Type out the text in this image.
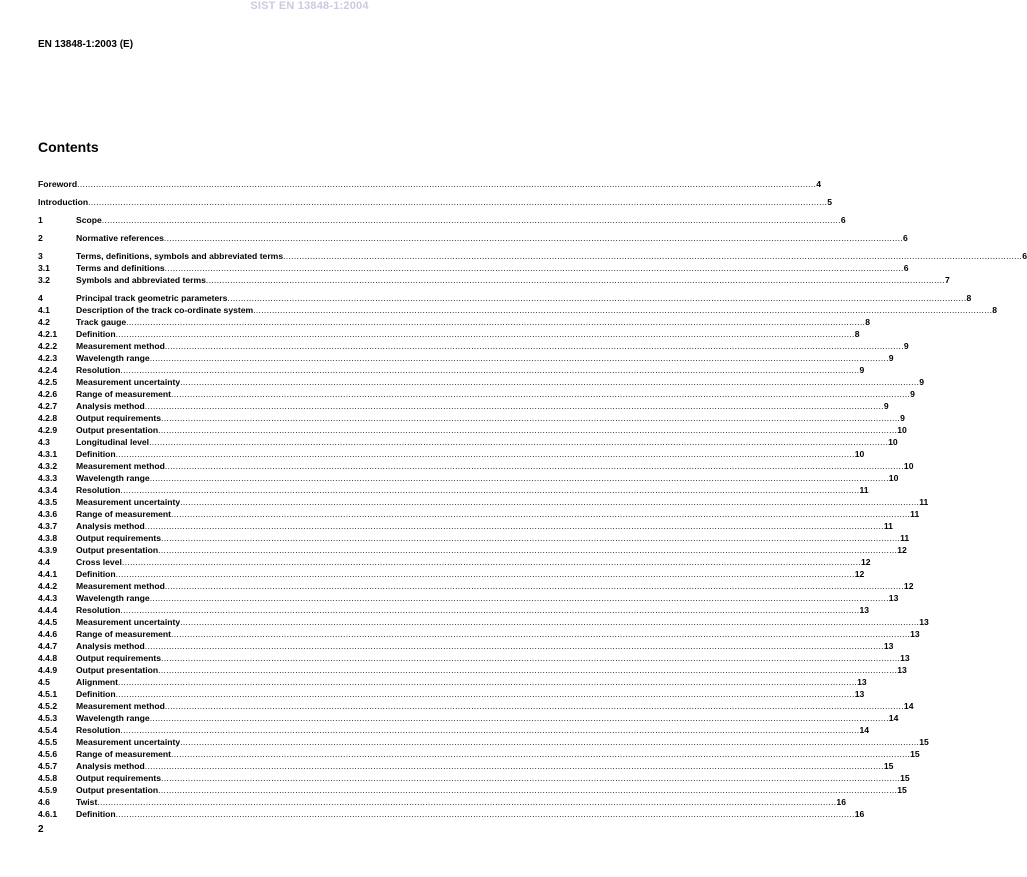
SIST EN 13848-1:2004
EN 13848-1:2003 (E)
Contents
Foreword .....	4
Introduction .....	5
1	Scope .....	6
2	Normative references .....	6
3	Terms, definitions, symbols and abbreviated terms .....	6
3.1	Terms and definitions .....	6
3.2	Symbols and abbreviated terms .....	7
4	Principal track geometric parameters .....	8
4.1	Description of the track co-ordinate system .....	8
4.2	Track gauge .....	8
4.2.1	Definition .....	8
4.2.2	Measurement method .....	9
4.2.3	Wavelength range .....	9
4.2.4	Resolution .....	9
4.2.5	Measurement uncertainty .....	9
4.2.6	Range of measurement .....	9
4.2.7	Analysis method .....	9
4.2.8	Output requirements .....	9
4.2.9	Output presentation .....	10
4.3	Longitudinal level .....	10
4.3.1	Definition .....	10
4.3.2	Measurement method .....	10
4.3.3	Wavelength range .....	10
4.3.4	Resolution .....	11
4.3.5	Measurement uncertainty .....	11
4.3.6	Range of measurement .....	11
4.3.7	Analysis method .....	11
4.3.8	Output requirements .....	11
4.3.9	Output presentation .....	12
4.4	Cross level .....	12
4.4.1	Definition .....	12
4.4.2	Measurement method .....	12
4.4.3	Wavelength range .....	13
4.4.4	Resolution .....	13
4.4.5	Measurement uncertainty .....	13
4.4.6	Range of measurement .....	13
4.4.7	Analysis method .....	13
4.4.8	Output requirements .....	13
4.4.9	Output presentation .....	13
4.5	Alignment .....	13
4.5.1	Definition .....	13
4.5.2	Measurement method .....	14
4.5.3	Wavelength range .....	14
4.5.4	Resolution .....	14
4.5.5	Measurement uncertainty .....	15
4.5.6	Range of measurement .....	15
4.5.7	Analysis method .....	15
4.5.8	Output requirements .....	15
4.5.9	Output presentation .....	15
4.6	Twist .....	16
4.6.1	Definition .....	16
2
